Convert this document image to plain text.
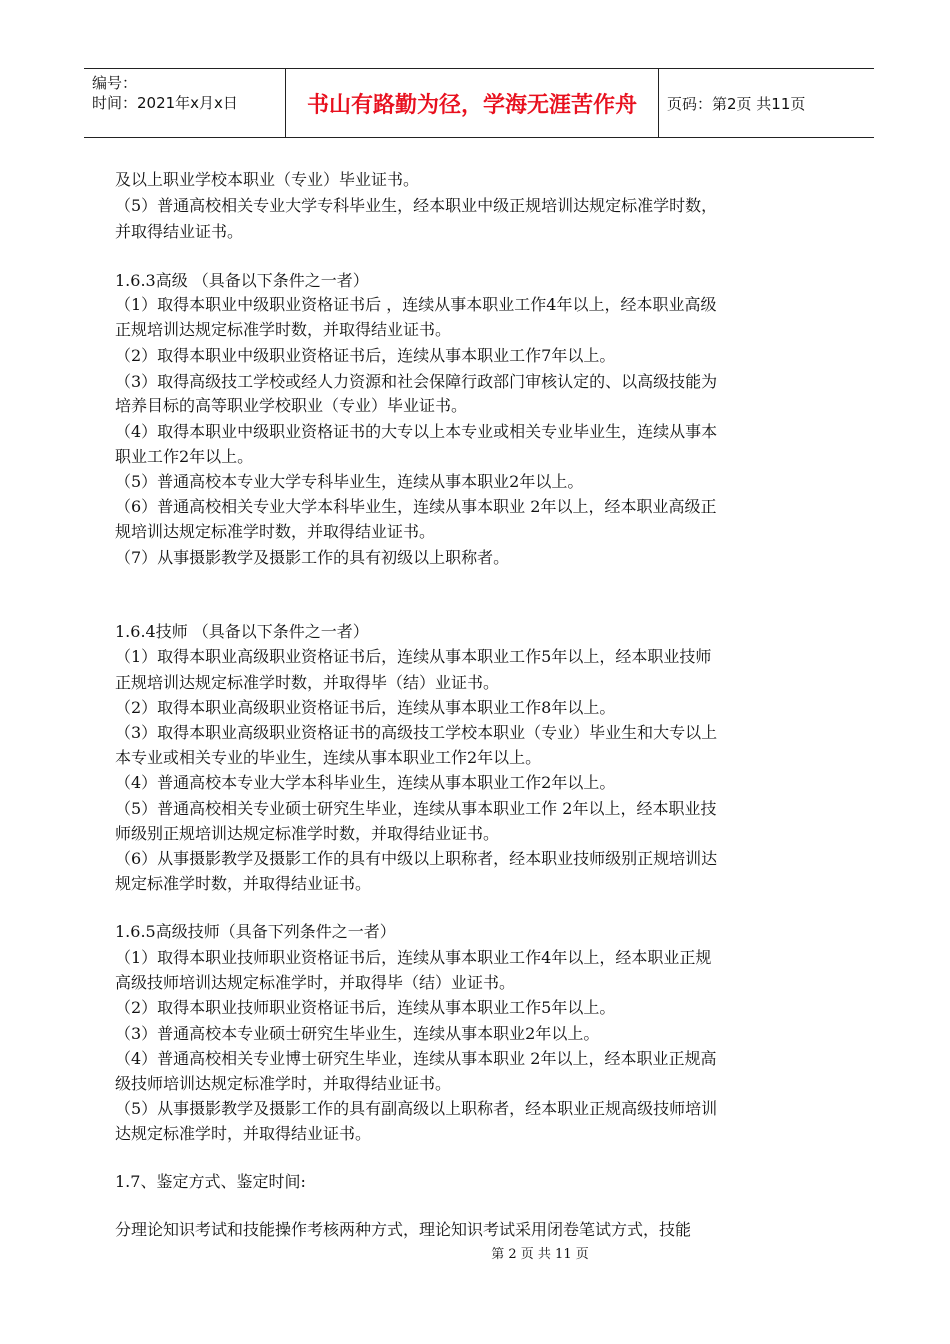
编号：
时间：2021年x月x日	书山有路勤为径，学海无涯苦作舟 页码：第2页 共11页
及以上职业学校本职业（专业）毕业证书。
（5）普通高校相关专业大学专科毕业生，经本职业中级正规培训达规定标准学时数，
并取得结业证书。
1.6.3高级 （具备以下条件之一者）
（1）取得本职业中级职业资格证书后 ，连续从事本职业工作4年以上，经本职业高级
正规培训达规定标准学时数，并取得结业证书。
（2）取得本职业中级职业资格证书后，连续从事本职业工作7年以上。
（3）取得高级技工学校或经人力资源和社会保障行政部门审核认定的、以高级技能为
培养目标的高等职业学校职业（专业）毕业证书。
（4）取得本职业中级职业资格证书的大专以上本专业或相关专业毕业生，连续从事本
职业工作2年以上。
（5）普通高校本专业大学专科毕业生，连续从事本职业2年以上。
（6）普通高校相关专业大学本科毕业生，连续从事本职业 2年以上，经本职业高级正
规培训达规定标准学时数，并取得结业证书。
（7）从事摄影教学及摄影工作的具有初级以上职称者。
1.6.4技师 （具备以下条件之一者）
（1）取得本职业高级职业资格证书后，连续从事本职业工作5年以上，经本职业技师
正规培训达规定标准学时数，并取得毕（结）业证书。
（2）取得本职业高级职业资格证书后，连续从事本职业工作8年以上。
（3）取得本职业高级职业资格证书的高级技工学校本职业（专业）毕业生和大专以上
本专业或相关专业的毕业生，连续从事本职业工作2年以上。
（4）普通高校本专业大学本科毕业生，连续从事本职业工作2年以上。
（5）普通高校相关专业硕士研究生毕业，连续从事本职业工作 2年以上，经本职业技
师级别正规培训达规定标准学时数，并取得结业证书。
（6）从事摄影教学及摄影工作的具有中级以上职称者，经本职业技师级别正规培训达
规定标准学时数，并取得结业证书。
1.6.5高级技师（具备下列条件之一者）
（1）取得本职业技师职业资格证书后，连续从事本职业工作4年以上，经本职业正规
高级技师培训达规定标准学时，并取得毕（结）业证书。
（2）取得本职业技师职业资格证书后，连续从事本职业工作5年以上。
（3）普通高校本专业硕士研究生毕业生，连续从事本职业2年以上。
（4）普通高校相关专业博士研究生毕业，连续从事本职业 2年以上，经本职业正规高
级技师培训达规定标准学时，并取得结业证书。
（5）从事摄影教学及摄影工作的具有副高级以上职称者，经本职业正规高级技师培训
达规定标准学时，并取得结业证书。
1.7、鉴定方式、鉴定时间:
分理论知识考试和技能操作考核两种方式，理论知识考试采用闭卷笔试方式，技能
第 2 页 共 11 页
